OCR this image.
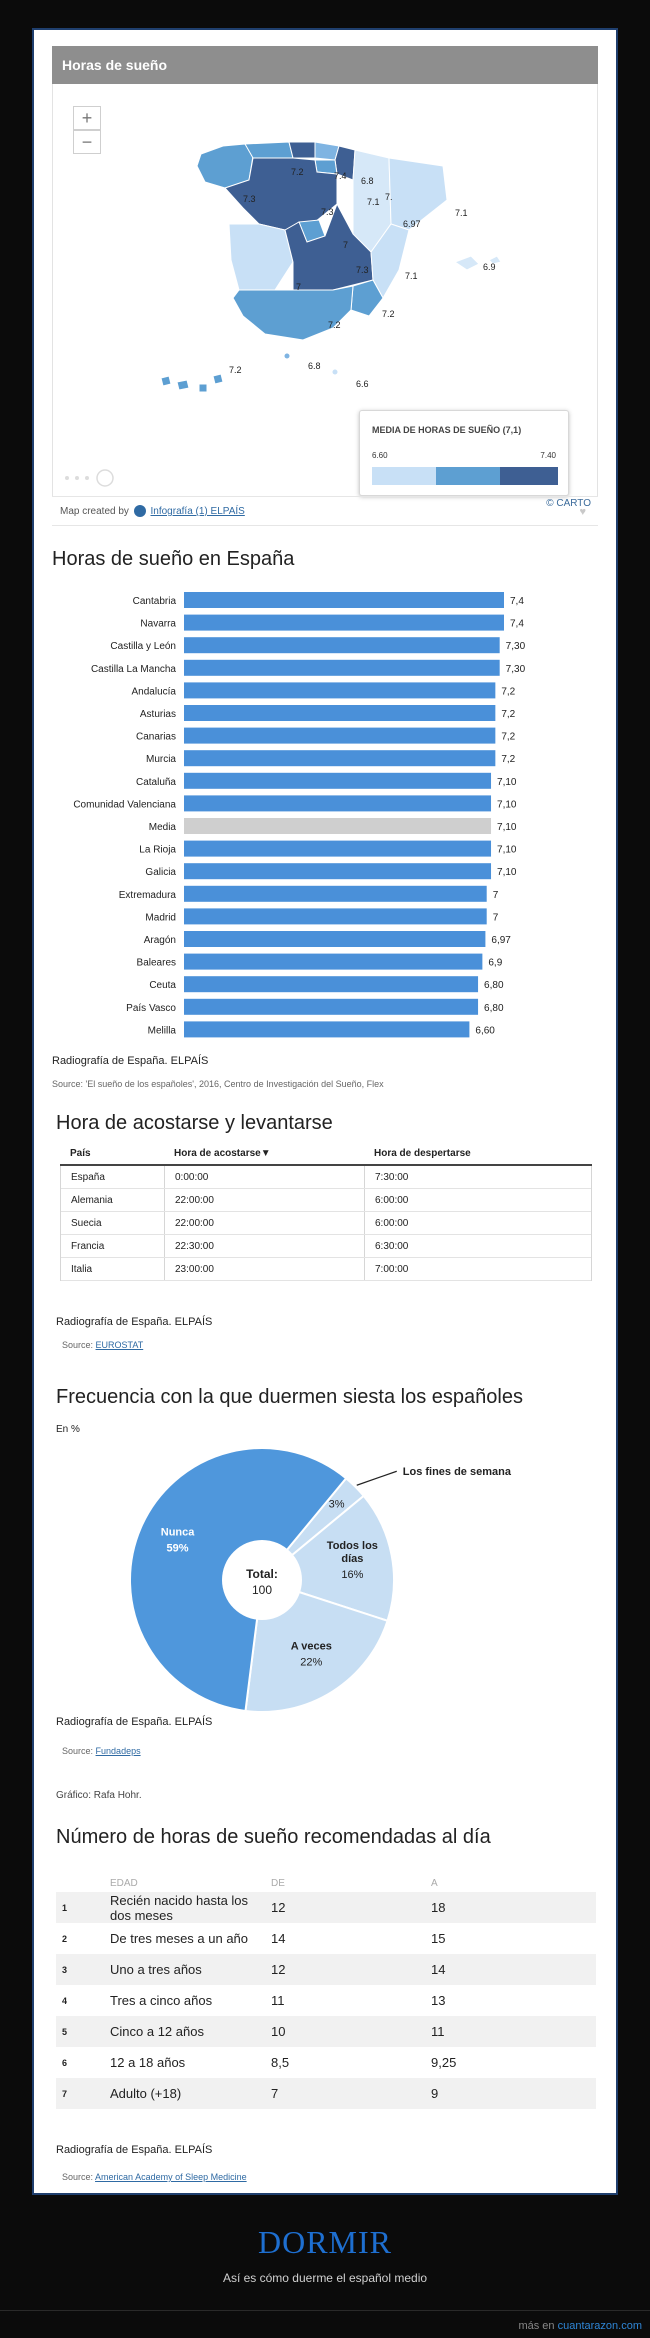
Horas de sueño
+
−
7.2	7.4 6.8
7.3
7.3
7.1 7.
7.1
6.97
7
7.3
7.1
7
6.9
7.2
7.2
7.2	6.8
6.6
MEDIA DE HORAS DE SUEÑO (7,1)
6.60	7.40
© CARTO
Map created by Infografía (1) ELPAÍS	♥
Horas de sueño en España
Cantabria	7,4
Navarra	7,4
Castilla y León	7,30
Castilla La Mancha	7,30
Andalucía	7,2
Asturias	7,2
Canarias	7,2
Murcia	7,2
Cataluña	7,10
Comunidad Valenciana	7,10
Media	7,10
La Rioja	7,10
Galicia	7,10
Extremadura	7
Madrid	7
Aragón	6,97
Baleares	6,9
Ceuta	6,80
País Vasco	6,80
Melilla	6,60
Radiografía de España. ELPAÍS
Source: 'El sueño de los españoles', 2016, Centro de Investigación del Sueño, Flex
Hora de acostarse y levantarse
País	Hora de acostarse▼	Hora de despertarse
España	0:00:00	7:30:00
Alemania	22:00:00	6:00:00
Suecia	22:00:00	6:00:00
Francia	22:30:00	6:30:00
Italia	23:00:00	7:00:00
Radiografía de España. ELPAÍS
Source: EUROSTAT
Frecuencia con la que duermen siesta los españoles
En %
Total:
100
3%
Los fines de semana
Todos los
días
16%
A veces
22%
Nunca
59%
Radiografía de España. ELPAÍS
Source: Fundadeps
Gráfico: Rafa Hohr.
Número de horas de sueño recomendadas al día
EDAD	DE	A
1	Recién nacido hasta los dos meses	12	18
2	De tres meses a un año	14	15
3	Uno a tres años	12	14
4	Tres a cinco años	11	13
5	Cinco a 12 años	10	11
6	12 a 18 años	8,5	9,25
7	Adulto (+18)	7	9
Radiografía de España. ELPAÍS
Source: American Academy of Sleep Medicine
DORMIR
Así es cómo duerme el español medio
más en cuantarazon.com
